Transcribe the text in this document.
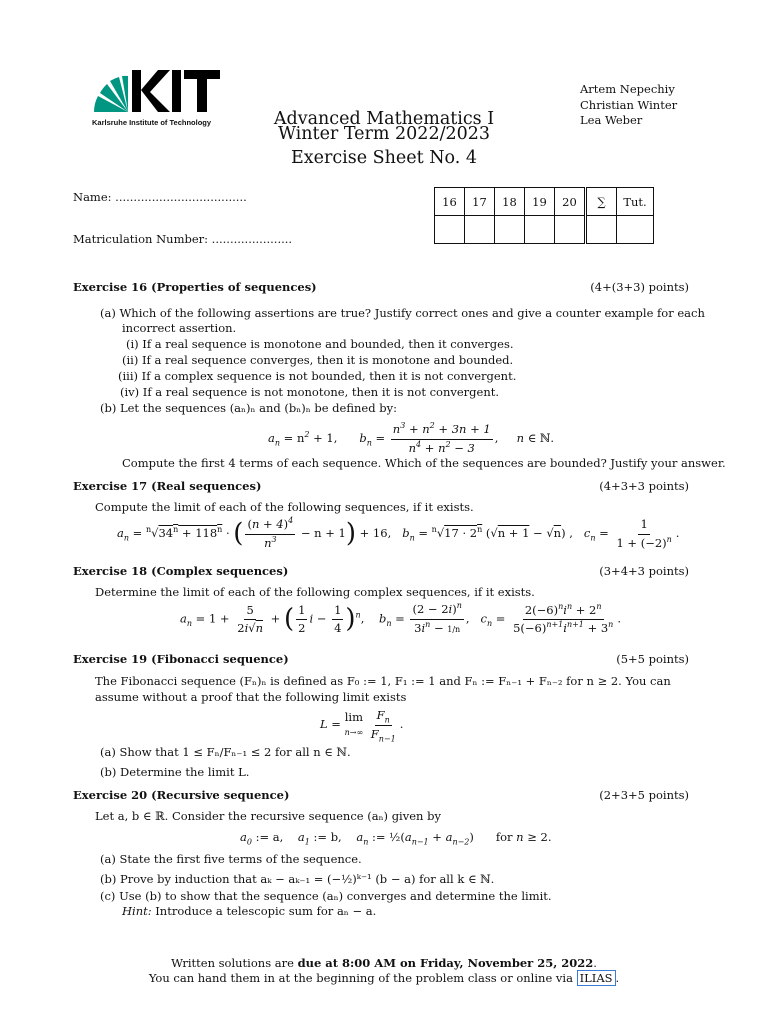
Karlsruhe Institute of Technology	Advanced Mathematics I
Winter Term 2022/2023
Exercise Sheet No. 4
Artem Nepechiy
Christian Winter
Lea Weber
Name: ....................................
Matriculation Number: ......................
16	17	18	19	20	∑	Tut.

Exercise 16 (Properties of sequences)	(4+(3+3) points)
(a) Which of the following assertions are true? Justify correct ones and give a counter example for each
incorrect assertion.
(i) If a real sequence is monotone and bounded, then it converges.
(ii) If a real sequence converges, then it is monotone and bounded.
(iii) If a complex sequence is not bounded, then it is not convergent.
(iv) If a real sequence is not monotone, then it is not convergent.
(b) Let the sequences (aₙ)ₙ and (bₙ)ₙ be defined by:
$a_n = n^2 + 1$,      $b_n = \frac{n^3 + n^2 + 3n + 1}{n^4 + n^2 - 3}$ ,     n ∈ ℕ.
Compute the first 4 terms of each sequence. Which of the sequences are bounded? Justify your answer.
Exercise 17 (Real sequences)	(4+3+3 points)
Compute the limit of each of the following sequences, if it exists.
$a_n = ^n√34^n + 118^n$ · ( $\frac{(n + 4)^4}{n^3} - n + 1) + 16$,   $b_n = ^n√17 \cdot 2^n$ (√n + 1 − √n) ,   $c_n = \frac{1}{1 + (-2)^n}$ .
Exercise 18 (Complex sequences)	(3+4+3 points)
Determine the limit of each of the following complex sequences, if it exists.
$a_n = 1 + \frac{5}{2i√n}$ + ( $\frac{1}{2}$ $i - \frac{1}{4} )^n$,    $b_n = \frac{(2 - 2i)^n}{3i^n - 1/n}$ ,   $c_n = \frac{2(-6)^ni^n + 2^n}{5(-6)^{n+1}i^{n+1} + 3^n}$ .
Exercise 19 (Fibonacci sequence)	(5+5 points)
The Fibonacci sequence (Fₙ)ₙ is defined as F₀ := 1, F₁ := 1 and Fₙ := Fₙ₋₁ + Fₙ₋₂ for n ≥ 2. You can
assume without a proof that the following limit exists
L =
lim
n→∞
$\frac{F_n}{F_{n-1}}$ .
(a) Show that 1 ≤ Fₙ/Fₙ₋₁ ≤ 2 for all n ∈ ℕ.
(b) Determine the limit L.
Exercise 20 (Recursive sequence)	(2+3+5 points)
Let a, b ∈ ℝ. Consider the recursive sequence (aₙ) given by
$a_0$ := a,    $a_1$ := b,    $a_n$ := $\frac{1}{2}(a_{n-1} + a_{n-2})$ for n ≥ 2.
(a) State the first five terms of the sequence.
(b) Prove by induction that aₖ − aₖ₋₁ = (−½)ᵏ⁻¹ (b − a) for all k ∈ ℕ.
(c) Use (b) to show that the sequence (aₙ) converges and determine the limit.
Hint: Introduce a telescopic sum for aₙ − a.
Written solutions are due at 8:00 AM on Friday, November 25, 2022.
You can hand them in at the beginning of the problem class or online via ILIAS .
